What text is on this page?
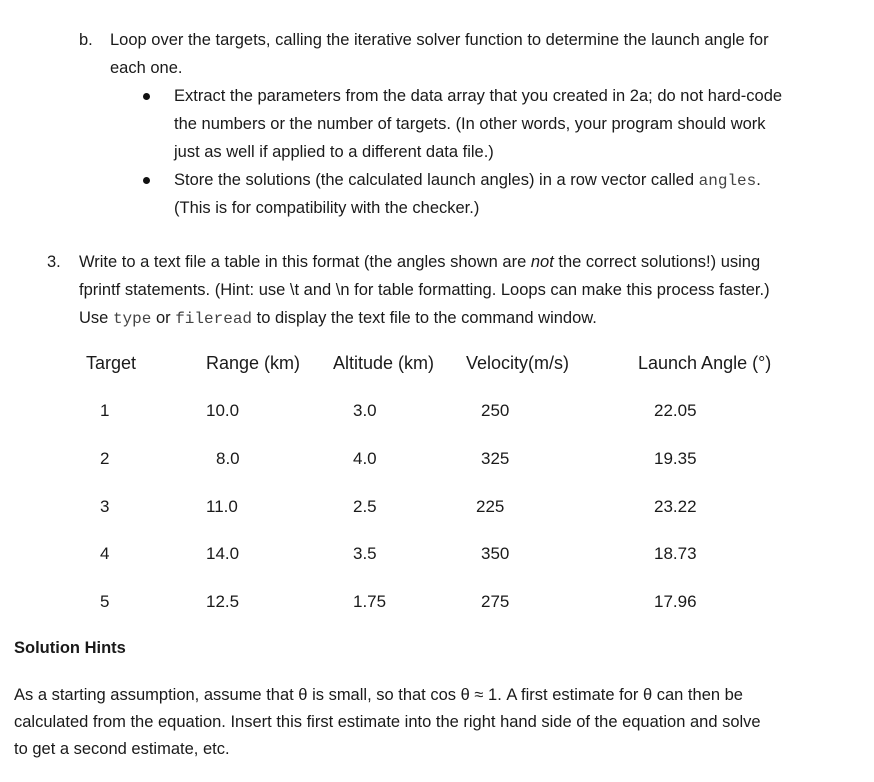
b. Loop over the targets, calling the iterative solver function to determine the launch angle for
each one.
Extract the parameters from the data array that you created in 2a; do not hard-code
the numbers or the number of targets. (In other words, your program should work
just as well if applied to a different data file.)
Store the solutions (the calculated launch angles) in a row vector called angles.
(This is for compatibility with the checker.)
3. Write to a text file a table in this format (the angles shown are not the correct solutions!) using
fprintf statements. (Hint: use \t and \n for table formatting. Loops can make this process faster.)
Use type or fileread to display the text file to the command window.
Target	Range (km) Altitude (km) Velocity(m/s)	Launch Angle (°)
1	10.0	3.0	250	22.05
2	8.0	4.0	325	19.35
3	11.0	2.5	225	23.22
4	14.0	3.5	350	18.73
5	12.5	1.75	275	17.96
Solution Hints
As a starting assumption, assume that θ is small, so that cos θ ≈ 1. A first estimate for θ can then be
calculated from the equation. Insert this first estimate into the right hand side of the equation and solve
to get a second estimate, etc.
